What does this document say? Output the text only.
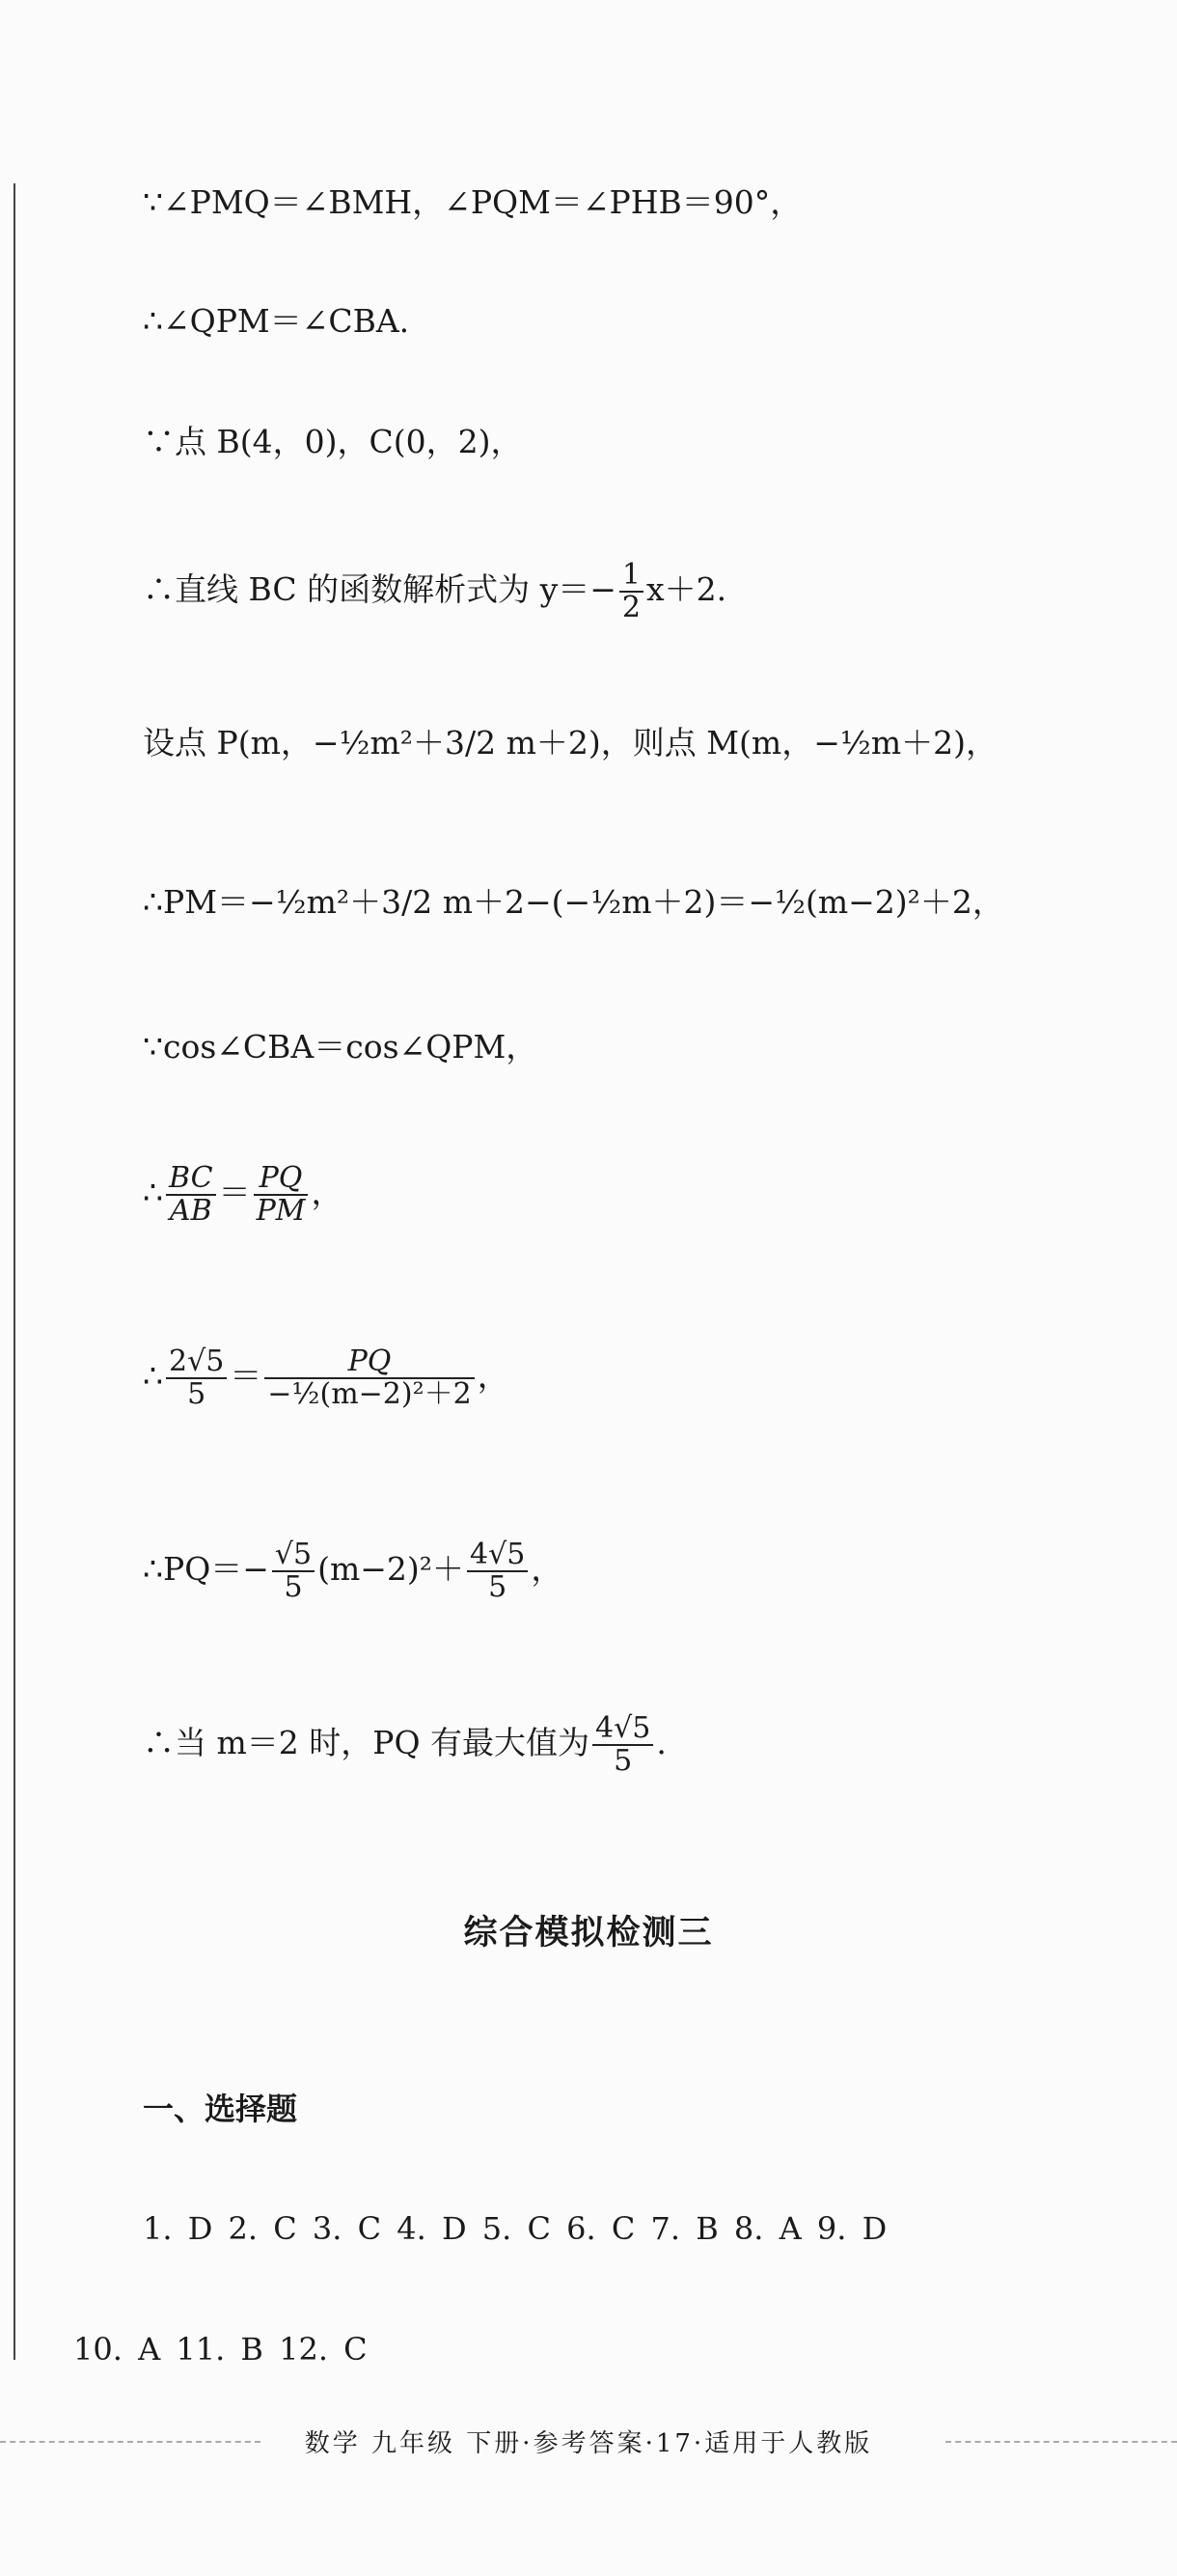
∵∠PMQ＝∠BMH，∠PQM＝∠PHB＝90°，
∴∠QPM＝∠CBA.
∵点 B(4，0)，C(0，2)，
∴直线 BC 的函数解析式为 $y=- \frac{1}{2} x+2$.
设点 P(m，−½m²＋3/2 m＋2)，则点 M(m，−½m＋2)，
∴PM＝−½m²＋3/2 m＋2−(−½m＋2)＝−½(m−2)²＋2，
∵cos∠CBA＝cos∠QPM，
∴ $\frac{BC}{AB} = \frac{PQ}{PM}$ ，
∴ $\frac{2√5}{5} = \frac{PQ}{\text{−½(m−2)²＋2}}$ ，
∴PQ＝− $\frac{√5}{5} (m-2)^2+ \frac{4√5}{5}$ ，
∴当 m＝2 时，PQ 有最大值为 $\frac{4√5}{5}$ .
综合模拟检测三
一、选择题
1. D 2. C 3. C 4. D 5. C 6. C 7. B 8. A 9. D
10. A 11. B 12. C
数学 九年级 下册·参考答案·17·适用于人教版
